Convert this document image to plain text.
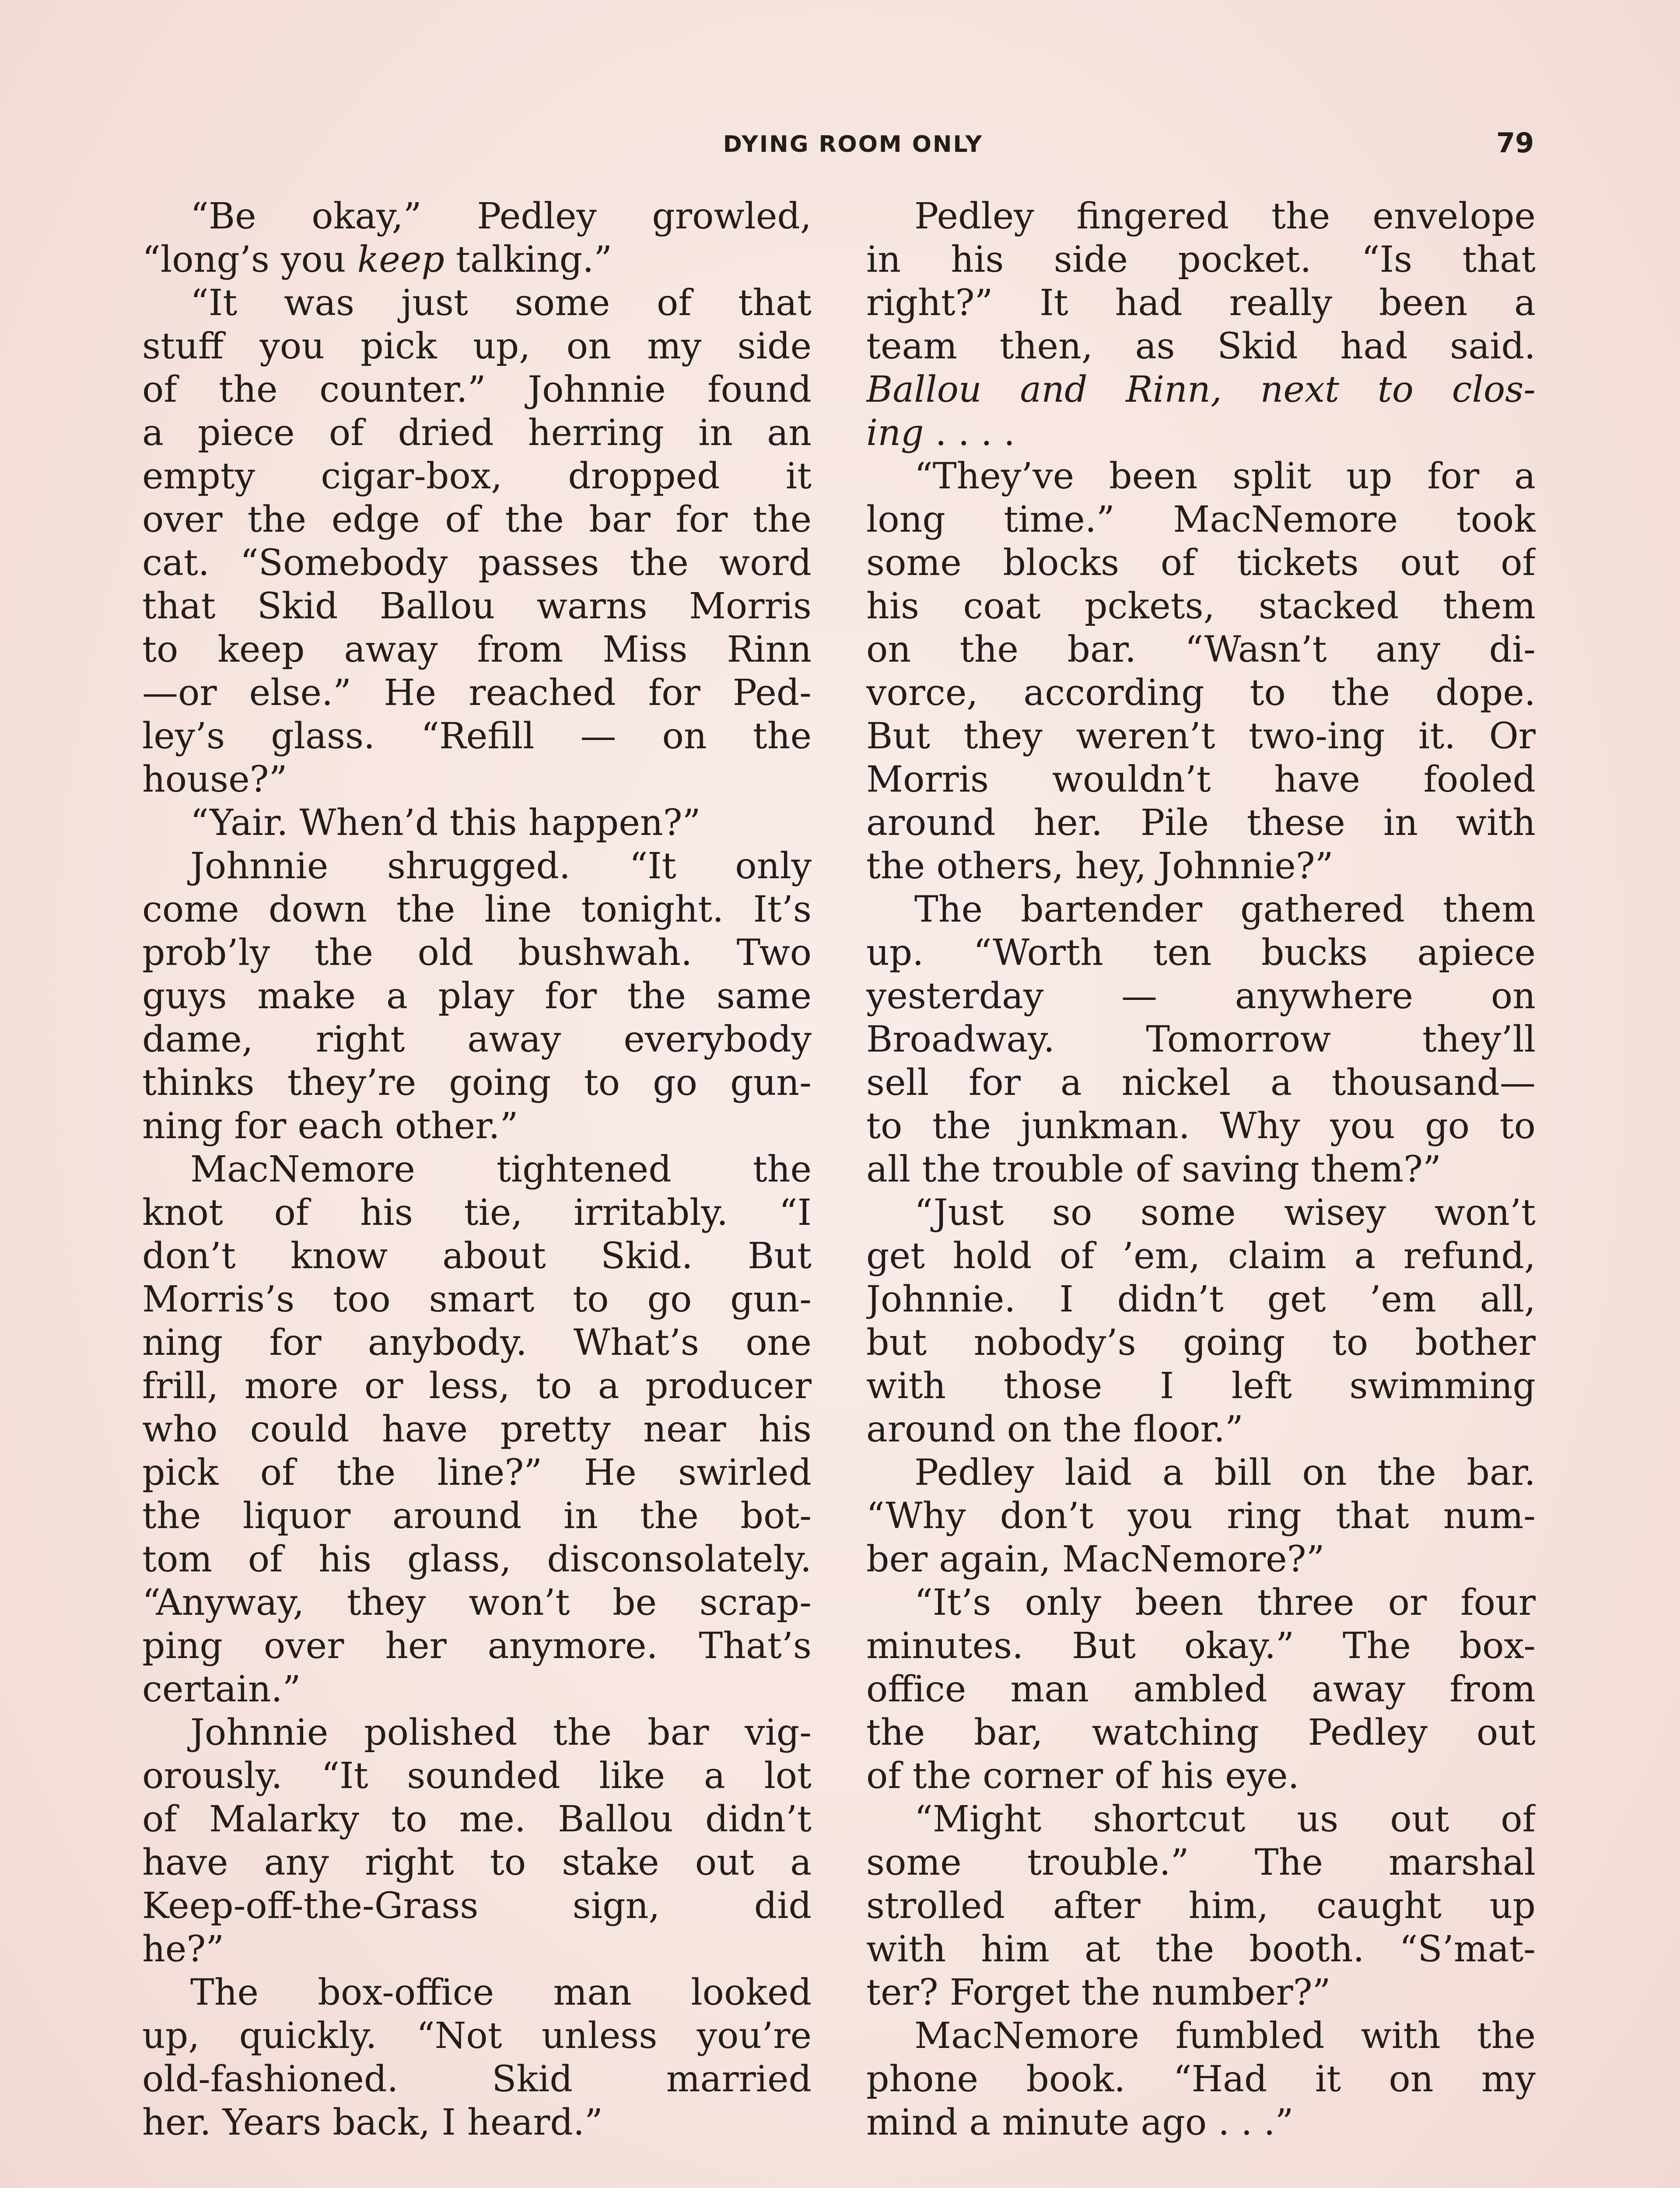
DYING ROOM ONLY	79
“Be okay,” Pedley growled,
“long’s you keep talking.”
“It was just some of that
stuff you pick up, on my side
of the counter.” Johnnie found
a piece of dried herring in an
empty cigar-box, dropped it
over the edge of the bar for the
cat. “Somebody passes the word
that Skid Ballou warns Morris
to keep away from Miss Rinn
—or else.” He reached for Ped-
ley’s glass. “Refill — on the
house?”
“Yair. When’d this happen?”
Johnnie shrugged. “It only
come down the line tonight. It’s
prob’ly the old bushwah. Two
guys make a play for the same
dame, right away everybody
thinks they’re going to go gun-
ning for each other.”
MacNemore tightened the
knot of his tie, irritably. “I
don’t know about Skid. But
Morris’s too smart to go gun-
ning for anybody. What’s one
frill, more or less, to a producer
who could have pretty near his
pick of the line?” He swirled
the liquor around in the bot-
tom of his glass, disconsolately.
“Anyway, they won’t be scrap-
ping over her anymore. That’s
certain.”
Johnnie polished the bar vig-
orously. “It sounded like a lot
of Malarky to me. Ballou didn’t
have any right to stake out a
Keep-off-the-Grass sign, did
he?”
The box-office man looked
up, quickly. “Not unless you’re
old-fashioned. Skid married
her. Years back, I heard.”
Pedley fingered the envelope
in his side pocket. “Is that
right?” It had really been a
team then, as Skid had said.
Ballou and Rinn, next to clos-
ing . . . .
“They’ve been split up for a
long time.” MacNemore took
some blocks of tickets out of
his coat pckets, stacked them
on the bar. “Wasn’t any di-
vorce, according to the dope.
But they weren’t two-ing it. Or
Morris wouldn’t have fooled
around her. Pile these in with
the others, hey, Johnnie?”
The bartender gathered them
up. “Worth ten bucks apiece
yesterday — anywhere on
Broadway. Tomorrow they’ll
sell for a nickel a thousand—
to the junkman. Why you go to
all the trouble of saving them?”
“Just so some wisey won’t
get hold of ’em, claim a refund,
Johnnie. I didn’t get ’em all,
but nobody’s going to bother
with those I left swimming
around on the floor.”
Pedley laid a bill on the bar.
“Why don’t you ring that num-
ber again, MacNemore?”
“It’s only been three or four
minutes. But okay.” The box-
office man ambled away from
the bar, watching Pedley out
of the corner of his eye.
“Might shortcut us out of
some trouble.” The marshal
strolled after him, caught up
with him at the booth. “S’mat-
ter? Forget the number?”
MacNemore fumbled with the
phone book. “Had it on my
mind a minute ago . . .”
